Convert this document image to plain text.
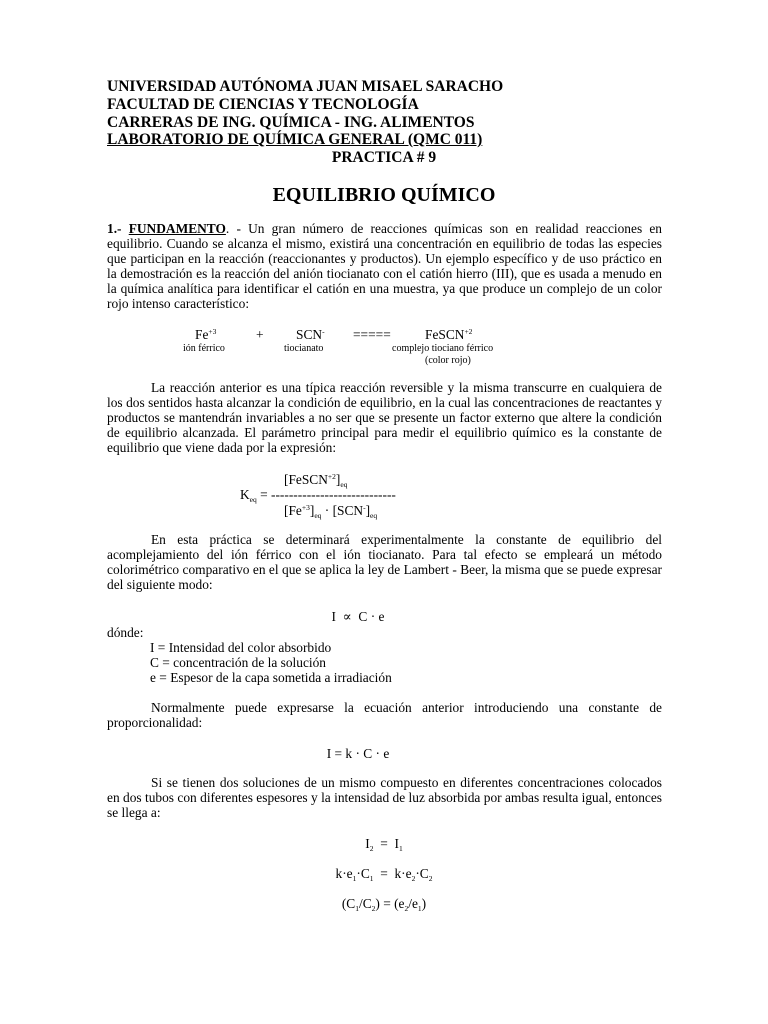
UNIVERSIDAD AUTÓNOMA JUAN MISAEL SARACHO
FACULTAD DE CIENCIAS Y TECNOLOGÍA
CARRERAS DE ING. QUÍMICA - ING. ALIMENTOS
LABORATORIO DE QUÍMICA GENERAL (QMC 011)
PRACTICA # 9
EQUILIBRIO QUÍMICO
1.- FUNDAMENTO. - Un gran número de reacciones químicas son en realidad reacciones en equilibrio. Cuando se alcanza el mismo, existirá una concentración en equilibrio de todas las especies que participan en la reacción (reaccionantes y productos). Un ejemplo específico y de uso práctico en la demostración es la reacción del anión tiocianato con el catión hierro (III), que es usada a menudo en la química analítica para identificar el catión en una muestra, ya que produce un complejo de un color rojo intenso característico:
$Fe^{+3}$	+ SCN- =====	FeSCN$^{+2}$
ión férrico	tiocianato	complejo tiociano férrico
(color rojo)
La reacción anterior es una típica reacción reversible y la misma transcurre en cualquiera de los dos sentidos hasta alcanzar la condición de equilibrio, en la cual las concentraciones de reactantes y productos se mantendrán invariables a no ser que se presente un factor externo que altere la condición de equilibrio alcanzada. El parámetro principal para medir el equilibrio químico es la constante de equilibrio que viene dada por la expresión:
$[FeSCN^{+2}]_{eq}$
$K_{eq}$ = ----------------------------
$[Fe^{+3}]_{eq} \cdot [SCN^-]_{eq}$
En esta práctica se determinará experimentalmente la constante de equilibrio del acomplejamiento del ión férrico con el ión tiocianato. Para tal efecto se empleará un método colorimétrico comparativo en el que se aplica la ley de Lambert - Beer, la misma que se puede expresar del siguiente modo:
I  ∝  C · e
dónde:
I = Intensidad del color absorbido
C = concentración de la solución
e = Espesor de la capa sometida a irradiación
Normalmente puede expresarse la ecuación anterior introduciendo una constante de proporcionalidad:
I = k · C · e
Si se tienen dos soluciones de un mismo compuesto en diferentes concentraciones colocados en dos tubos con diferentes espesores y la intensidad de luz absorbida por ambas resulta igual, entonces se llega a:
$I_2 = I_1$
$k\cdot e_1\cdot C_1 = k\cdot e_2\cdot C_2$
$(C_1/C_2) = (e_2/e_1)$
